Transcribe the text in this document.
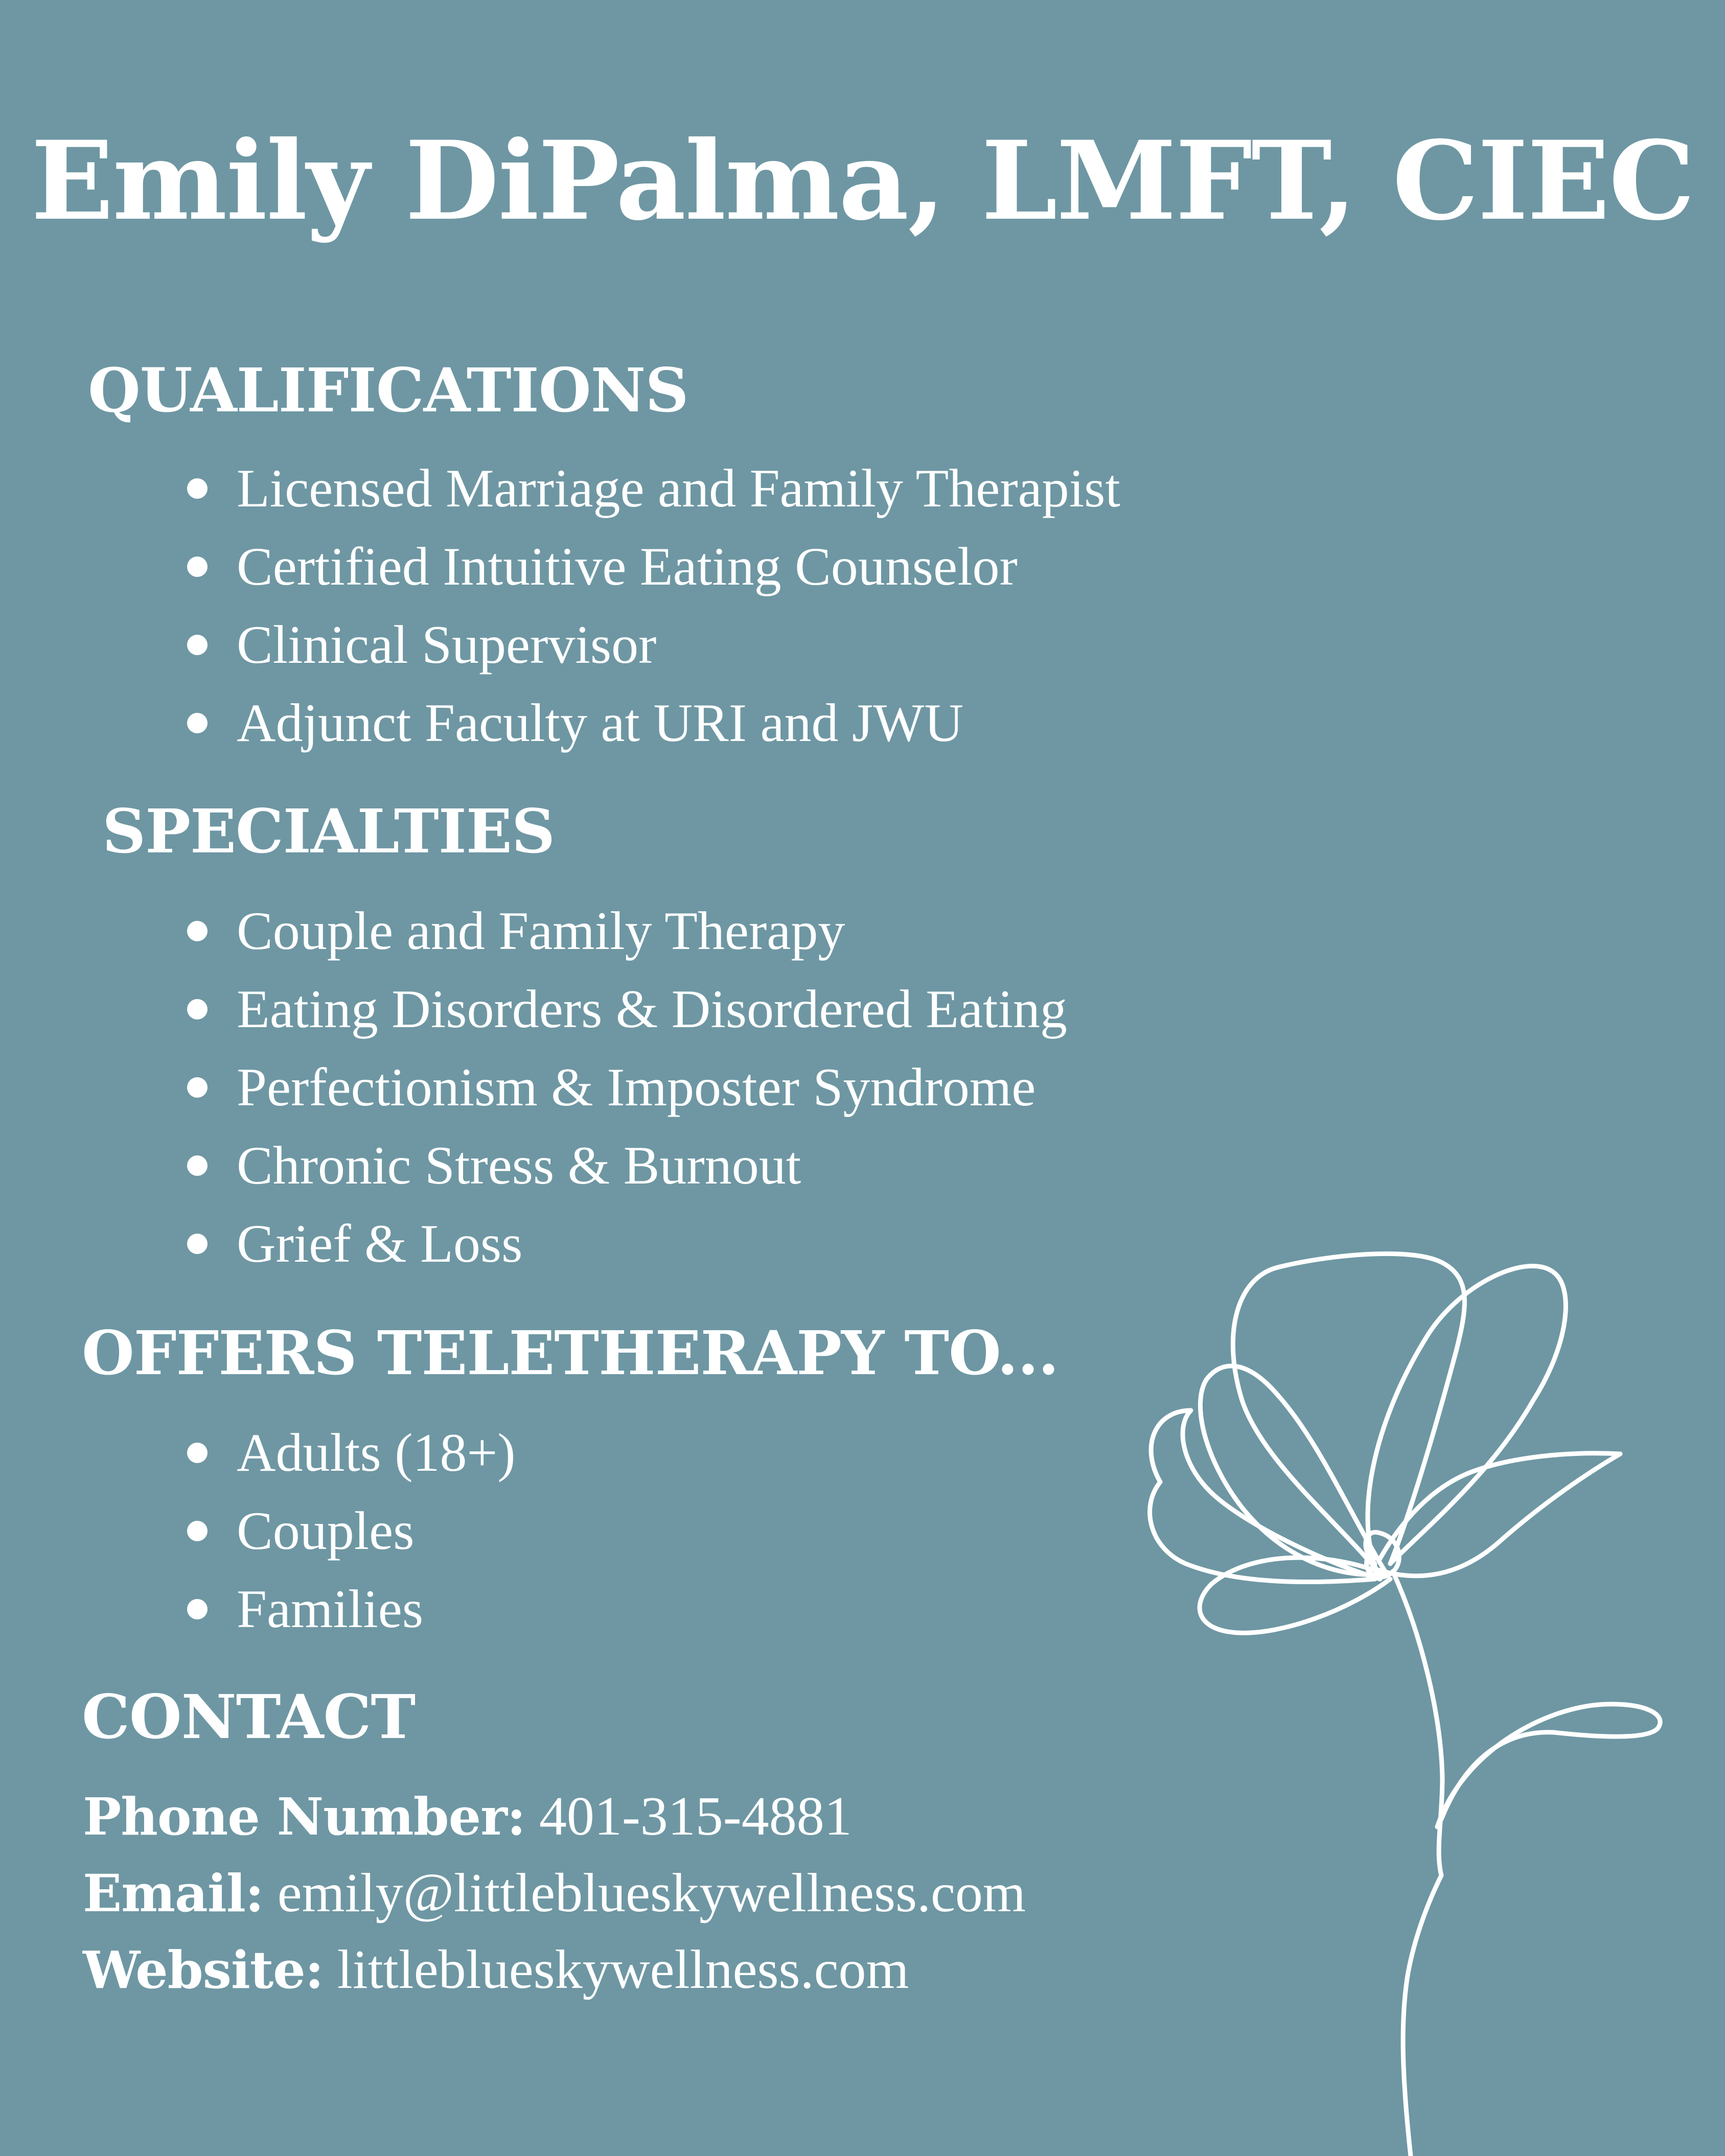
Emily DiPalma, LMFT, CIEC
QUALIFICATIONS
Licensed Marriage and Family Therapist
Certified Intuitive Eating Counselor
Clinical Supervisor
Adjunct Faculty at URI and JWU
SPECIALTIES
Couple and Family Therapy
Eating Disorders & Disordered Eating
Perfectionism & Imposter Syndrome
Chronic Stress & Burnout
Grief & Loss
OFFERS TELETHERAPY TO...
Adults (18+)
Couples
Families
CONTACT

Phone Number: 401-315-4881

Email: emily@littleblueskywellness.com

Website: littleblueskywellness.com
